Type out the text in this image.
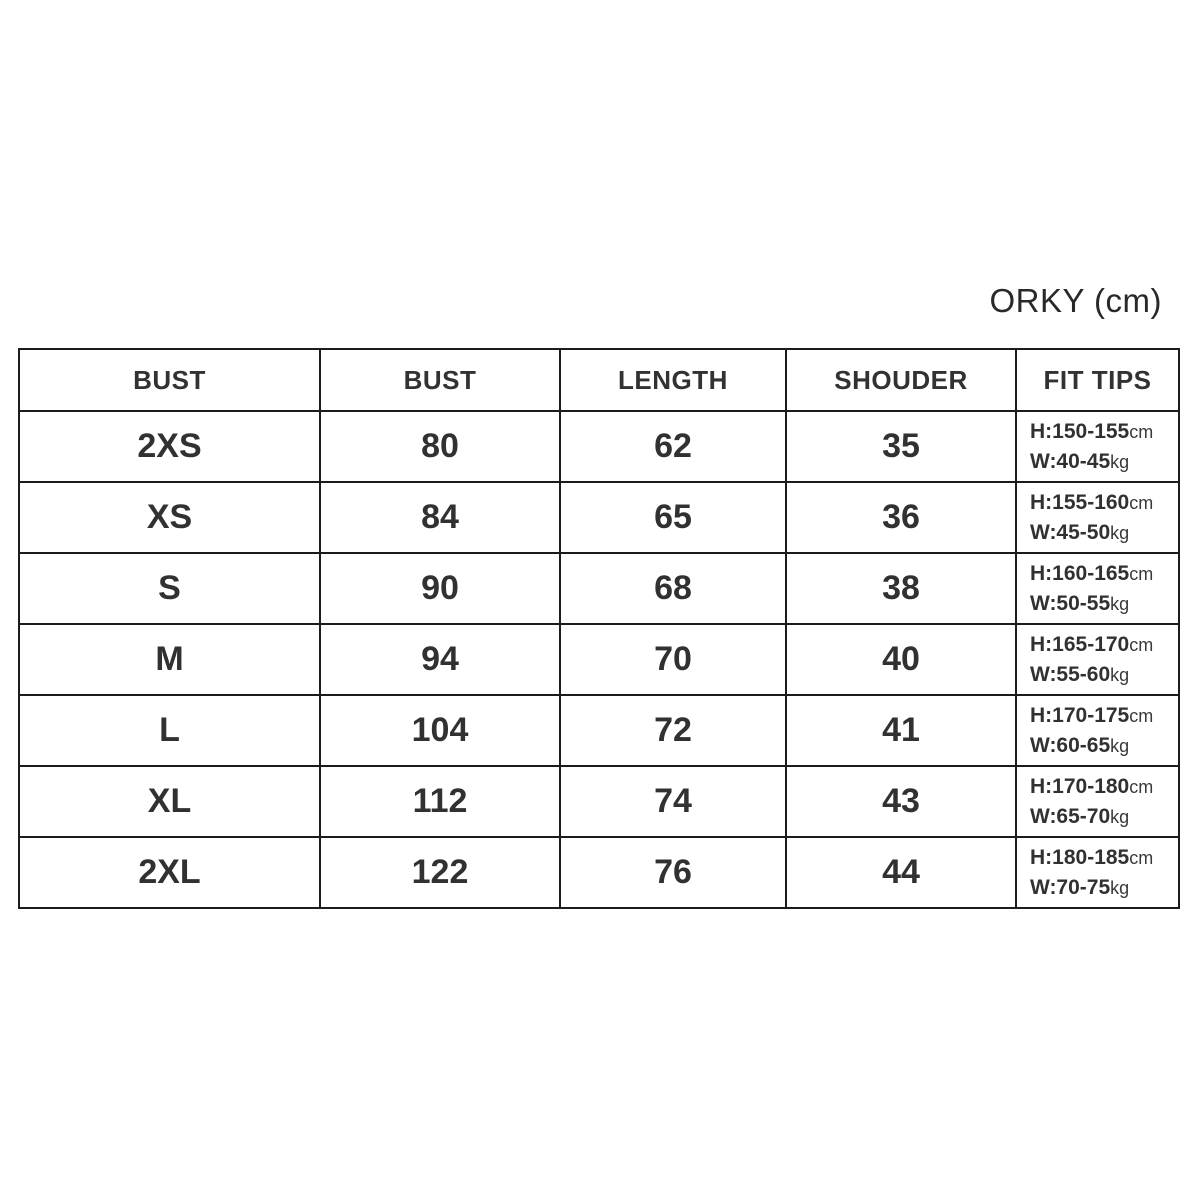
ORKY (cm)
BUST	BUST	LENGTH	SHOUDER	FIT TIPS
2XS	80	62	35	H:150-155cm
W:40-45kg

XS	84	65	36	H:155-160cm
W:45-50kg

S	90	68	38	H:160-165cm
W:50-55kg

M	94	70	40	H:165-170cm
W:55-60kg

L	104	72	41	H:170-175cm
W:60-65kg

XL	112	74	43	H:170-180cm
W:65-70kg

2XL	122	76	44	H:180-185cm
W:70-75kg
